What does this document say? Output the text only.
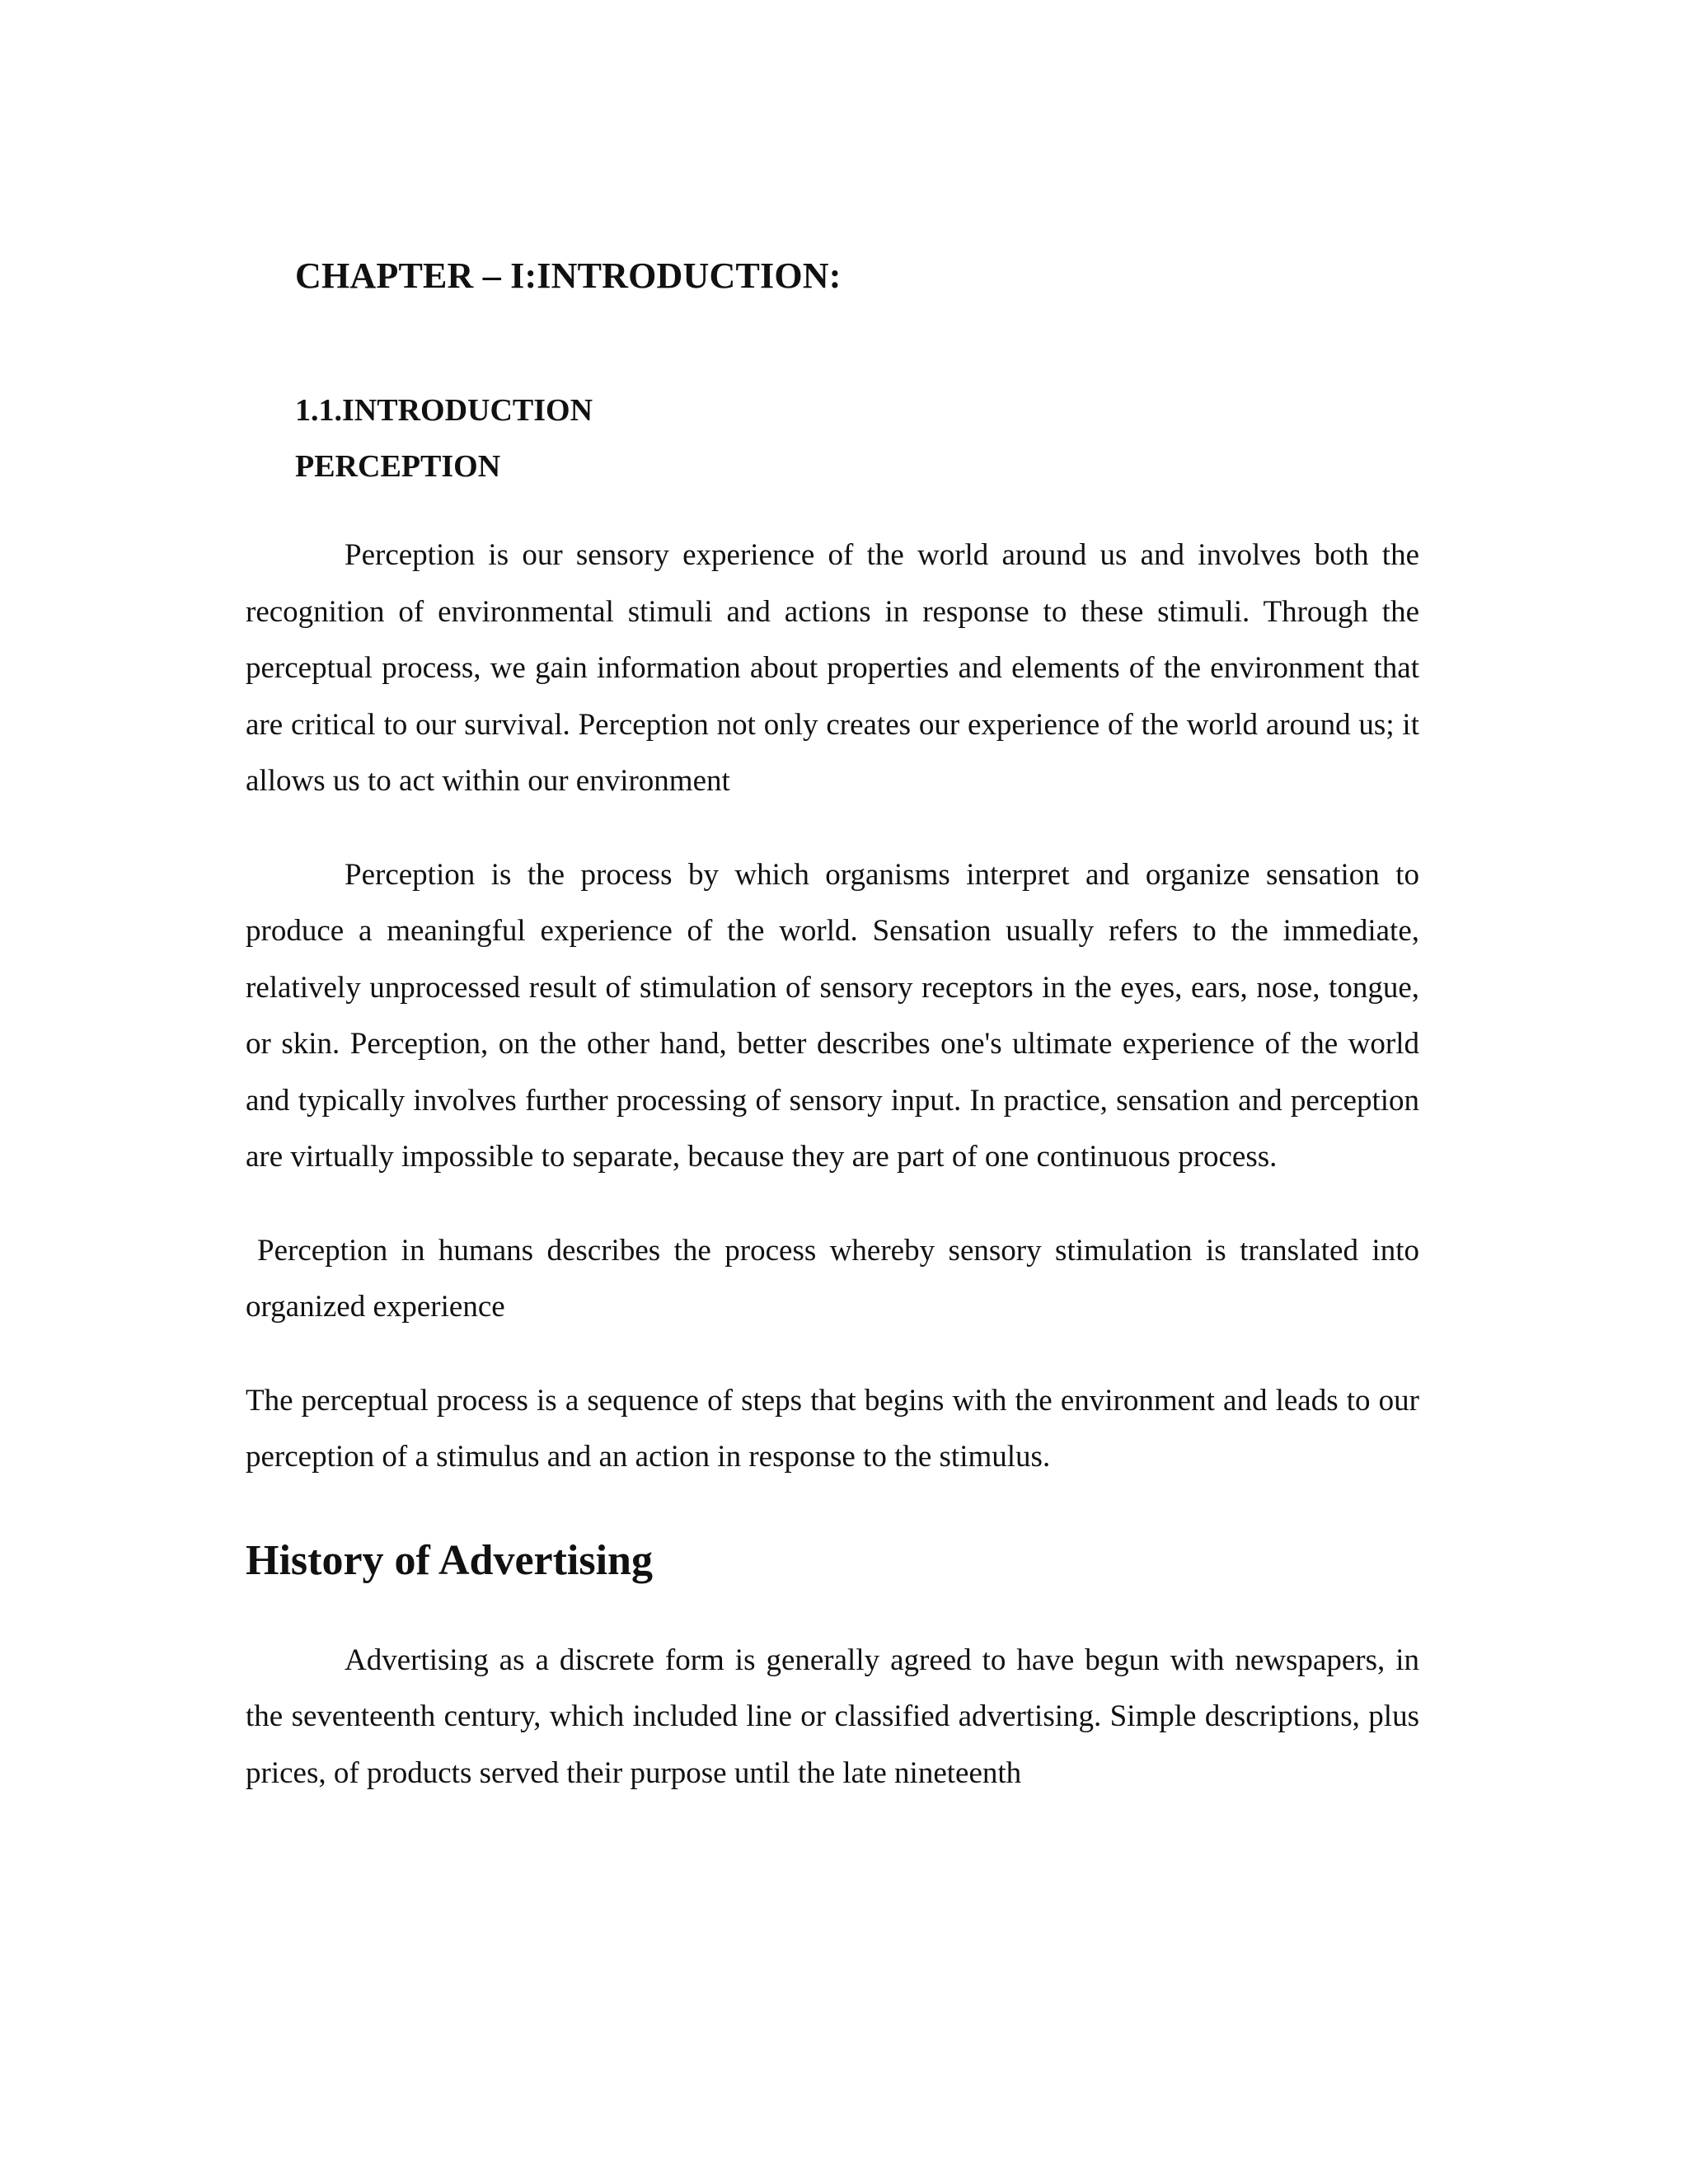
CHAPTER – I:INTRODUCTION:

1.1.INTRODUCTION

PERCEPTION

Perception is our sensory experience of the world around us and involves both the recognition of environmental stimuli and actions in response to these stimuli. Through the perceptual process, we gain information about properties and elements of the environment that are critical to our survival. Perception not only creates our experience of the world around us; it allows us to act within our environment

Perception is the process by which organisms interpret and organize sensation to produce a meaningful experience of the world. Sensation usually refers to the immediate, relatively unprocessed result of stimulation of sensory receptors in the eyes, ears, nose, tongue, or skin. Perception, on the other hand, better describes one's ultimate experience of the world and typically involves further processing of sensory input. In practice, sensation and perception are virtually impossible to separate, because they are part of one continuous process.

Perception in humans describes the process whereby sensory stimulation is translated into organized experience

The perceptual process is a sequence of steps that begins with the environment and leads to our perception of a stimulus and an action in response to the stimulus.

History of Advertising

Advertising as a discrete form is generally agreed to have begun with newspapers, in the seventeenth century, which included line or classified advertising. Simple descriptions, plus prices, of products served their purpose until the late nineteenth
